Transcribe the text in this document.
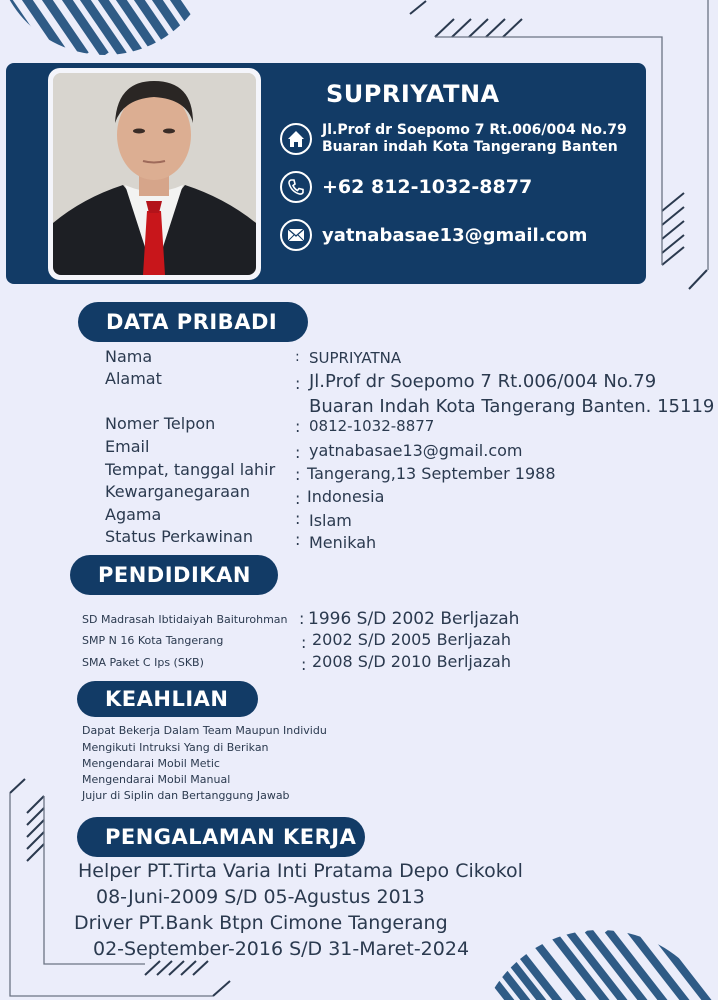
SUPRIYATNA
Jl.Prof dr Soepomo 7 Rt.006/004 No.79
Buaran indah Kota Tangerang Banten
+62 812-1032-8877
yatnabasae13@gmail.com
DATA PRIBADI
Nama	: SUPRIYATNA
Alamat	: Jl.Prof dr Soepomo 7 Rt.006/004 No.79
Buaran Indah Kota Tangerang Banten. 15119
Nomer Telpon	: 0812-1032-8877
Email	: yatnabasae13@gmail.com
Tempat, tanggal lahir : Tangerang,13 September 1988
Kewarganegaraan	: Indonesia
Agama	: Islam
Status Perkawinan	: Menikah
PENDIDIKAN
SD Madrasah Ibtidaiyah Baiturohman : 1996 S/D 2002 Berljazah
SMP N 16 Kota Tangerang	: 2002 S/D 2005 Berljazah
SMA Paket C Ips (SKB)	: 2008 S/D 2010 Berljazah
KEAHLIAN
Dapat Bekerja Dalam Team Maupun Individu
Mengikuti Intruksi Yang di Berikan
Mengendarai Mobil Metic
Mengendarai Mobil Manual
Jujur di Siplin dan Bertanggung Jawab
PENGALAMAN KERJA
Helper PT.Tirta Varia Inti Pratama Depo Cikokol
08-Juni-2009 S/D 05-Agustus 2013
Driver PT.Bank Btpn Cimone Tangerang
02-September-2016 S/D 31-Maret-2024
